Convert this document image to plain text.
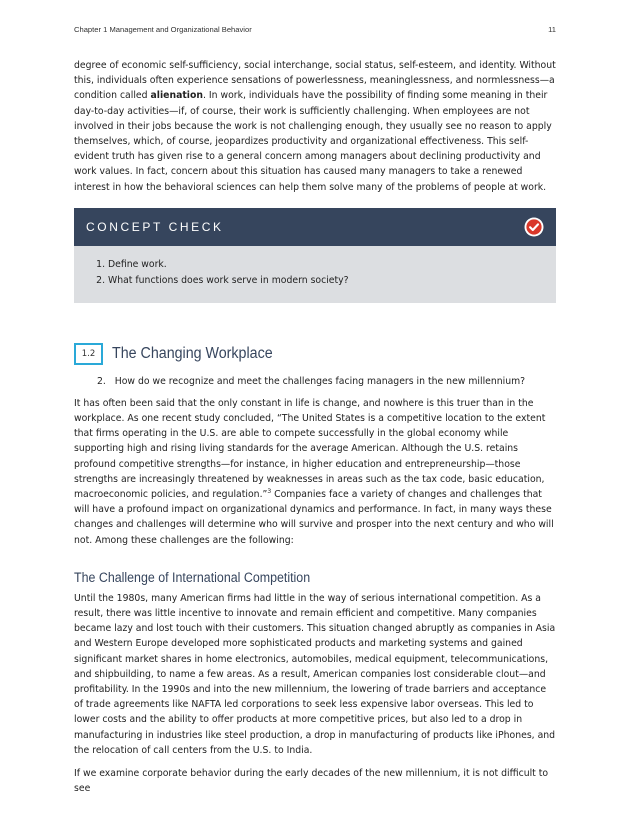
Chapter 1 Management and Organizational Behavior	11

degree of economic self-sufficiency, social interchange, social status, self-esteem, and identity. Without this, individuals often experience sensations of powerlessness, meaninglessness, and normlessness—a condition called alienation. In work, individuals have the possibility of finding some meaning in their day-to-day activities—if, of course, their work is sufficiently challenging. When employees are not involved in their jobs because the work is not challenging enough, they usually see no reason to apply themselves, which, of course, jeopardizes productivity and organizational effectiveness. This self-evident truth has given rise to a general concern among managers about declining productivity and work values. In fact, concern about this situation has caused many managers to take a renewed interest in how the behavioral sciences can help them solve many of the problems of people at work.

CONCEPT CHECK
1. Define work.
2. What functions does work serve in modern society?
1.2	The Changing Workplace
2. How do we recognize and meet the challenges facing managers in the new millennium?

It has often been said that the only constant in life is change, and nowhere is this truer than in the workplace. As one recent study concluded, “The United States is a competitive location to the extent that firms operating in the U.S. are able to compete successfully in the global economy while supporting high and rising living standards for the average American. Although the U.S. retains profound competitive strengths—for instance, in higher education and entrepreneurship—those strengths are increasingly threatened by weaknesses in areas such as the tax code, basic education, macroeconomic policies, and regulation.”$^3$ Companies face a variety of changes and challenges that will have a profound impact on organizational dynamics and performance. In fact, in many ways these changes and challenges will determine who will survive and prosper into the next century and who will not. Among these challenges are the following:

The Challenge of International Competition

Until the 1980s, many American firms had little in the way of serious international competition. As a result, there was little incentive to innovate and remain efficient and competitive. Many companies became lazy and lost touch with their customers. This situation changed abruptly as companies in Asia and Western Europe developed more sophisticated products and marketing systems and gained significant market shares in home electronics, automobiles, medical equipment, telecommunications, and shipbuilding, to name a few areas. As a result, American companies lost considerable clout—and profitability. In the 1990s and into the new millennium, the lowering of trade barriers and acceptance of trade agreements like NAFTA led corporations to seek less expensive labor overseas. This led to lower costs and the ability to offer products at more competitive prices, but also led to a drop in manufacturing in industries like steel production, a drop in manufacturing of products like iPhones, and the relocation of call centers from the U.S. to India.

If we examine corporate behavior during the early decades of the new millennium, it is not difficult to see
